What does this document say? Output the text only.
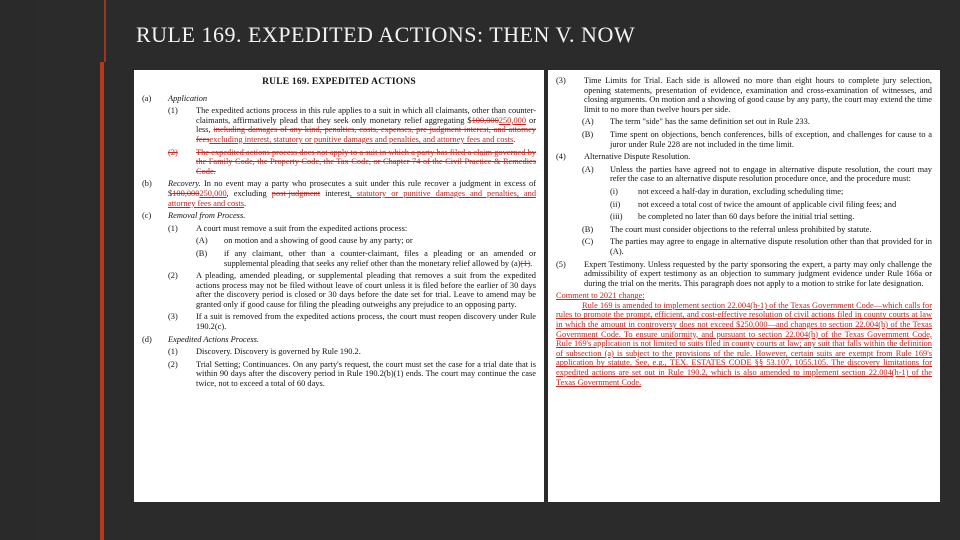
RULE 169. EXPEDITED ACTIONS: THEN V. NOW
RULE 169. EXPEDITED ACTIONS
(a)	Application
(1)	The expedited actions process in this rule applies to a suit in which all claimants, other than counter-claimants, affirmatively plead that they seek only monetary relief aggregating $100,000250,000 or less, including damages of any kind, penalties, costs, expenses, pre-judgment interest, and attorney feesexcluding interest, statutory or punitive damages and penalties, and attorney fees and costs.
(2)	The expedited actions process does not apply to a suit in which a party has filed a claim governed by the Family Code, the Property Code, the Tax Code, or Chapter 74 of the Civil Practice & Remedies Code.
(b)	Recovery. In no event may a party who prosecutes a suit under this rule recover a judgment in excess of $100,000250,000, excluding post-judgment interest, statutory or punitive damages and penalties, and attorney fees and costs.
(c)	Removal from Process.
(1)	A court must remove a suit from the expedited actions process:
(A)	on motion and a showing of good cause by any party; or
(B)	if any claimant, other than a counter-claimant, files a pleading or an amended or supplemental pleading that seeks any relief other than the monetary relief allowed by (a)(1).
(2)	A pleading, amended pleading, or supplemental pleading that removes a suit from the expedited actions process may not be filed without leave of court unless it is filed before the earlier of 30 days after the discovery period is closed or 30 days before the date set for trial. Leave to amend may be granted only if good cause for filing the pleading outweighs any prejudice to an opposing party.
(3)	If a suit is removed from the expedited actions process, the court must reopen discovery under Rule 190.2(c).
(d)	Expedited Actions Process.
(1)	Discovery. Discovery is governed by Rule 190.2.
(2)	Trial Setting; Continuances. On any party's request, the court must set the case for a trial date that is within 90 days after the discovery period in Rule 190.2(b)(1) ends. The court may continue the case twice, not to exceed a total of 60 days.
(3)	Time Limits for Trial. Each side is allowed no more than eight hours to complete jury selection, opening statements, presentation of evidence, examination and cross-examination of witnesses, and closing arguments. On motion and a showing of good cause by any party, the court may extend the time limit to no more than twelve hours per side.
(A)	The term "side" has the same definition set out in Rule 233.
(B)	Time spent on objections, bench conferences, bills of exception, and challenges for cause to a juror under Rule 228 are not included in the time limit.
(4)	Alternative Dispute Resolution.
(A)	Unless the parties have agreed not to engage in alternative dispute resolution, the court may refer the case to an alternative dispute resolution procedure once, and the procedure must:
(i)	not exceed a half-day in duration, excluding scheduling time;
(ii)	not exceed a total cost of twice the amount of applicable civil filing fees; and
(iii)	be completed no later than 60 days before the initial trial setting.
(B)	The court must consider objections to the referral unless prohibited by statute.
(C)	The parties may agree to engage in alternative dispute resolution other than that provided for in (A).
(5)	Expert Testimony. Unless requested by the party sponsoring the expert, a party may only challenge the admissibility of expert testimony as an objection to summary judgment evidence under Rule 166a or during the trial on the merits. This paragraph does not apply to a motion to strike for late designation.
Comment to 2021 change:
Rule 169 is amended to implement section 22.004(h-1) of the Texas Government Code—which calls for rules to promote the prompt, efficient, and cost-effective resolution of civil actions filed in county courts at law in which the amount in controversy does not exceed $250,000—and changes to section 22.004(h) of the Texas Government Code. To ensure uniformity, and pursuant to section 22.004(h) of the Texas Government Code, Rule 169's application is not limited to suits filed in county courts at law; any suit that falls within the definition of subsection (a) is subject to the provisions of the rule. However, certain suits are exempt from Rule 169's application by statute. See, e.g., TEX. ESTATES CODE §§ 53.107, 1055.105. The discovery limitations for expedited actions are set out in Rule 190.2, which is also amended to implement section 22.004(h-1) of the Texas Government Code.
